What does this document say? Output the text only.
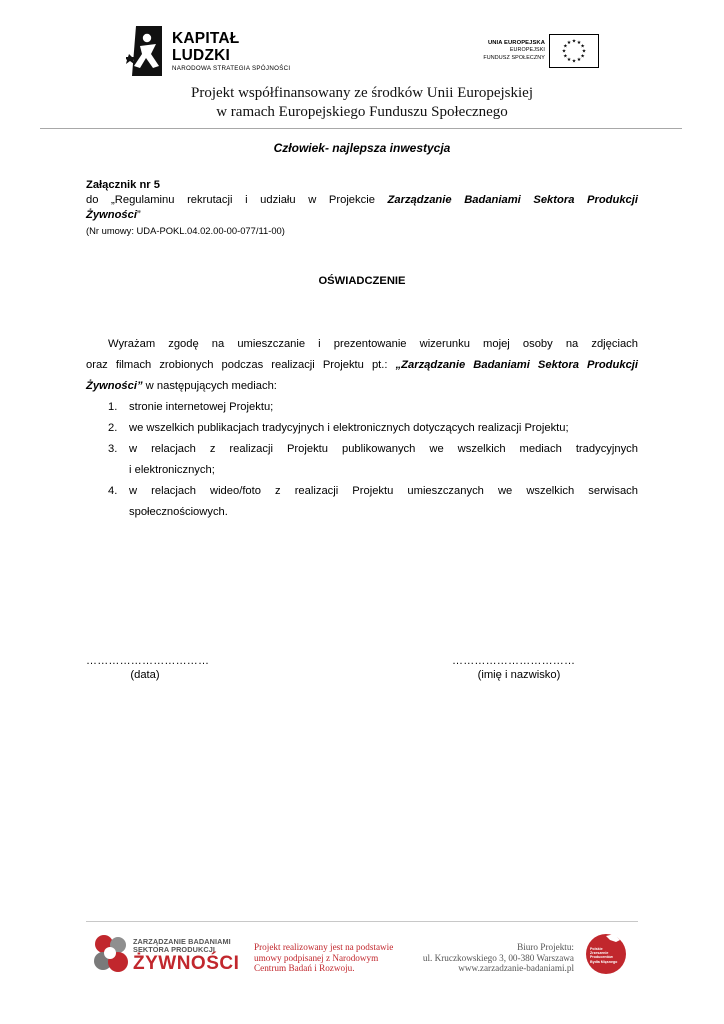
KAPITAŁ LUDZKI
NARODOWA STRATEGIA SPÓJNOŚCI
UNIA EUROPEJSKA
EUROPEJSKI
FUNDUSZ SPOŁECZNY
★
★
★
★
★
★
★
★
★ ★ ★
★
Projekt współfinansowany ze środków Unii Europejskiej
w ramach Europejskiego Funduszu Społecznego
Człowiek- najlepsza inwestycja
Załącznik nr 5
do „Regulaminu rekrutacji i udziału w Projekcie Zarządzanie Badaniami Sektora Produkcji
Żywności”
(Nr umowy: UDA-POKL.04.02.00-00-077/11-00)
OŚWIADCZENIE
Wyrażam zgodę na umieszczanie i prezentowanie wizerunku mojej osoby na zdjęciach
oraz filmach zrobionych podczas realizacji Projektu pt.: „Zarządzanie Badaniami Sektora Produkcji
Żywności” w następujących mediach:
1.	stronie internetowej Projektu;
2.	we wszelkich publikacjach tradycyjnych i elektronicznych dotyczących realizacji Projektu;
3.	w relacjach z realizacji Projektu publikowanych we wszelkich mediach tradycyjnych
i elektronicznych;
4.	w relacjach wideo/foto z realizacji Projektu umieszczanych we wszelkich serwisach
społecznościowych.
……………………………
(data)
……………………………
(imię i nazwisko)
ZARZĄDZANIE BADANIAMI
SEKTORA PRODUKCJI
ŻYWNOŚCI
Projekt realizowany jest na podstawie
umowy podpisanej z Narodowym
Centrum Badań i Rozwoju.
Biuro Projektu:
ul. Kruczkowskiego 3, 00-380 Warszawa
www.zarzadzanie-badaniami.pl
Polskie
Zrzeszenie
Producentów
Bydła Mięsnego
